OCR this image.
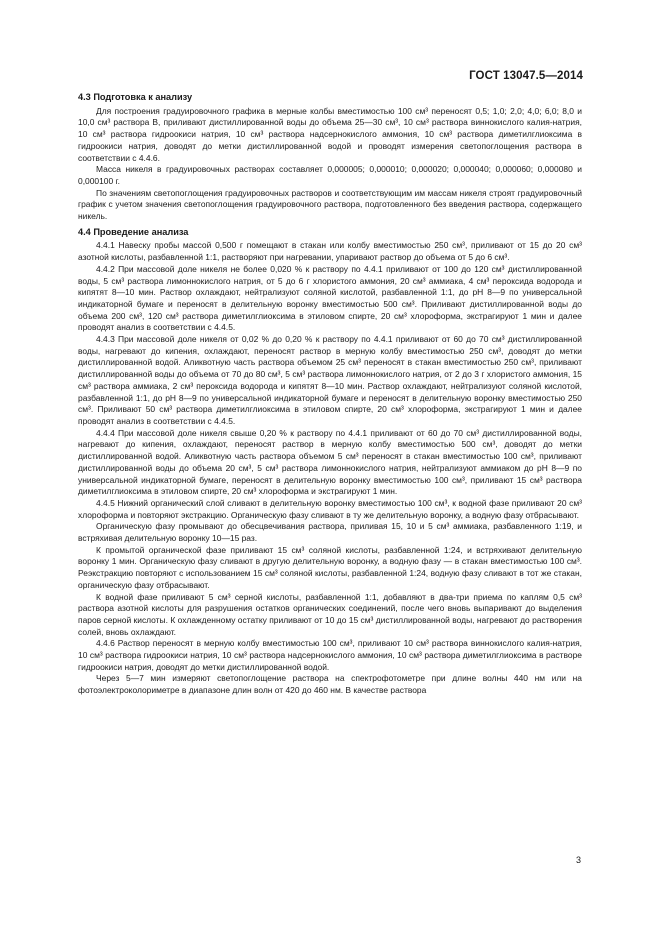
ГОСТ 13047.5—2014

4.3 Подготовка к анализу

Для построения градуировочного графика в мерные колбы вместимостью 100 см³ переносят 0,5; 1,0; 2,0; 4,0; 6,0; 8,0 и 10,0 см³ раствора В, приливают дистиллированной воды до объема 25—30 см³, 10 см³ раствора виннокислого калия-натрия, 10 см³ раствора гидроокиси натрия, 10 см³ раствора надсернокислого аммония, 10 см³ раствора диметилглиоксима в гидроокиси натрия, доводят до метки дистиллированной водой и проводят измерения светопоглощения раствора в соответствии с 4.4.6.

Масса никеля в градуировочных растворах составляет 0,000005; 0,000010; 0,000020; 0,000040; 0,000060; 0,000080 и 0,000100 г.

По значениям светопоглощения градуировочных растворов и соответствующим им массам никеля строят градуировочный график с учетом значения светопоглощения градуировочного раствора, подготовленного без введения раствора, содержащего никель.

4.4 Проведение анализа

4.4.1 Навеску пробы массой 0,500 г помещают в стакан или колбу вместимостью 250 см³, приливают от 15 до 20 см³ азотной кислоты, разбавленной 1:1, растворяют при нагревании, упаривают раствор до объема от 5 до 6 см³.

4.4.2 При массовой доле никеля не более 0,020 % к раствору по 4.4.1 приливают от 100 до 120 см³ дистиллированной воды, 5 см³ раствора лимоннокислого натрия, от 5 до 6 г хлористого аммония, 20 см³ аммиака, 4 см³ пероксида водорода и кипятят 8—10 мин. Раствор охлаждают, нейтрализуют соляной кислотой, разбавленной 1:1, до рН 8—9 по универсальной индикаторной бумаге и переносят в делительную воронку вместимостью 500 см³. Приливают дистиллированной воды до объема 200 см³, 120 см³ раствора диметилглиоксима в этиловом спирте, 20 см³ хлороформа, экстрагируют 1 мин и далее проводят анализ в соответствии с 4.4.5.

4.4.3 При массовой доле никеля от 0,02 % до 0,20 % к раствору по 4.4.1 приливают от 60 до 70 см³ дистиллированной воды, нагревают до кипения, охлаждают, переносят раствор в мерную колбу вместимостью 250 см³, доводят до метки дистиллированной водой. Аликвотную часть раствора объемом 25 см³ переносят в стакан вместимостью 250 см³, приливают дистиллированной воды до объема от 70 до 80 см³, 5 см³ раствора лимоннокислого натрия, от 2 до 3 г хлористого аммония, 15 см³ раствора аммиака, 2 см³ пероксида водорода и кипятят 8—10 мин. Раствор охлаждают, нейтрализуют соляной кислотой, разбавленной 1:1, до рН 8—9 по универсальной индикаторной бумаге и переносят в делительную воронку вместимостью 250 см³. Приливают 50 см³ раствора диметилглиоксима в этиловом спирте, 20 см³ хлороформа, экстрагируют 1 мин и далее проводят анализ в соответствии с 4.4.5.

4.4.4 При массовой доле никеля свыше 0,20 % к раствору по 4.4.1 приливают от 60 до 70 см³ дистиллированной воды, нагревают до кипения, охлаждают, переносят раствор в мерную колбу вместимостью 500 см³, доводят до метки дистиллированной водой. Аликвотную часть раствора объемом 5 см³ переносят в стакан вместимостью 100 см³, приливают дистиллированной воды до объема 20 см³, 5 см³ раствора лимоннокислого натрия, нейтрализуют аммиаком до рН 8—9 по универсальной индикаторной бумаге, переносят в делительную воронку вместимостью 100 см³, приливают 15 см³ раствора диметилглиоксима в этиловом спирте, 20 см³ хлороформа и экстрагируют 1 мин.

4.4.5 Нижний органический слой сливают в делительную воронку вместимостью 100 см³, к водной фазе приливают 20 см³ хлороформа и повторяют экстракцию. Органическую фазу сливают в ту же делительную воронку, а водную фазу отбрасывают.

Органическую фазу промывают до обесцвечивания раствора, приливая 15, 10 и 5 см³ аммиака, разбавленного 1:19, и встряхивая делительную воронку 10—15 раз.

К промытой органической фазе приливают 15 см³ соляной кислоты, разбавленной 1:24, и встряхивают делительную воронку 1 мин. Органическую фазу сливают в другую делительную воронку, а водную фазу — в стакан вместимостью 100 см³. Реэкстракцию повторяют с использованием 15 см³ соляной кислоты, разбавленной 1:24, водную фазу сливают в тот же стакан, органическую фазу отбрасывают.

К водной фазе приливают 5 см³ серной кислоты, разбавленной 1:1, добавляют в два-три приема по каплям 0,5 см³ раствора азотной кислоты для разрушения остатков органических соединений, после чего вновь выпаривают до выделения паров серной кислоты. К охлажденному остатку приливают от 10 до 15 см³ дистиллированной воды, нагревают до растворения солей, вновь охлаждают.

4.4.6 Раствор переносят в мерную колбу вместимостью 100 см³, приливают 10 см³ раствора виннокислого калия-натрия, 10 см³ раствора гидроокиси натрия, 10 см³ раствора надсернокислого аммония, 10 см³ раствора диметилглиоксима в растворе гидроокиси натрия, доводят до метки дистиллированной водой.

Через 5—7 мин измеряют светопоглощение раствора на спектрофотометре при длине волны 440 нм или на фотоэлектроколориметре в диапазоне длин волн от 420 до 460 нм. В качестве раствора

3
